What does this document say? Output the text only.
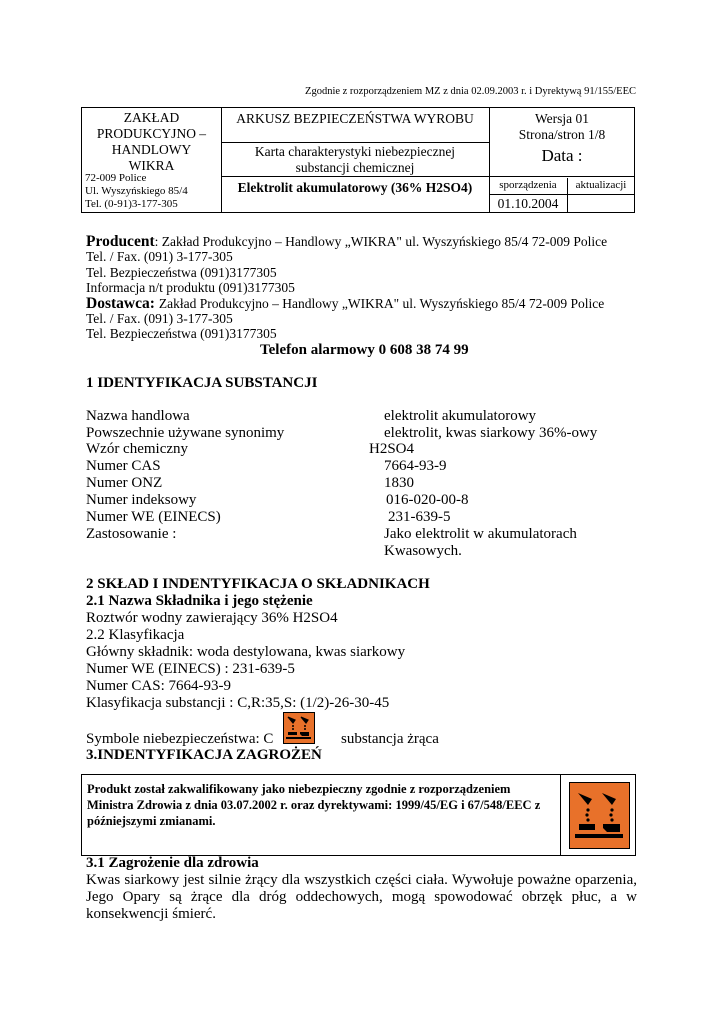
Zgodnie z rozporządzeniem MZ z dnia 02.09.2003 r. i Dyrektywą 91/155/EEC
ZAKŁAD
PRODUKCYJNO –
HANDLOWY
WIKRA
72-009 Police
Ul. Wyszyńskiego 85/4
Tel. (0-91)3-177-305
ARKUSZ BEZPIECZEŃSTWA WYROBU
Karta charakterystyki niebezpiecznej
substancji chemicznej
Elektrolit akumulatorowy (36% H2SO4)
Wersja 01
Strona/stron 1/8
Data :
sporządzenia	aktualizacji
01.10.2004
Producent: Zakład Produkcyjno – Handlowy „WIKRA" ul. Wyszyńskiego 85/4 72-009 Police
Tel. / Fax. (091) 3-177-305
Tel. Bezpieczeństwa (091)3177305
Informacja n/t produktu (091)3177305
Dostawca: Zakład Produkcyjno – Handlowy „WIKRA" ul. Wyszyńskiego 85/4 72-009 Police
Tel. / Fax. (091) 3-177-305
Tel. Bezpieczeństwa (091)3177305
Telefon alarmowy 0 608 38 74 99
1 IDENTYFIKACJA SUBSTANCJI
Nazwa handlowa	elektrolit akumulatorowy
Powszechnie używane synonimy	elektrolit, kwas siarkowy 36%-owy
Wzór chemiczny	H2SO4
Numer CAS	7664-93-9
Numer ONZ	1830
Numer indeksowy	016-020-00-8
Numer WE (EINECS)	231-639-5
Zastosowanie :	Jako elektrolit w akumulatorach
Kwasowych.
2 SKŁAD I INDENTYFIKACJA O SKŁADNIKACH
2.1 Nazwa Składnika i jego stężenie
Roztwór wodny zawierający 36% H2SO4
2.2 Klasyfikacja
Główny składnik: woda destylowana, kwas siarkowy
Numer WE (EINECS) : 231-639-5
Numer CAS: 7664-93-9
Klasyfikacja substancji : C,R:35,S: (1/2)-26-30-45
Symbole niebezpieczeństwa: C	substancja żrąca
3.INDENTYFIKACJA ZAGROŻEŃ
Produkt został zakwalifikowany jako niebezpieczny zgodnie z rozporządzeniem Ministra Zdrowia z dnia 03.07.2002 r. oraz dyrektywami: 1999/45/EG i 67/548/EEC z późniejszymi zmianami.
3.1 Zagrożenie dla zdrowia
Kwas siarkowy jest silnie żrący dla wszystkich części ciała. Wywołuje poważne oparzenia, Jego Opary są żrące dla dróg oddechowych, mogą spowodować obrzęk płuc, a w konsekwencji śmierć.
